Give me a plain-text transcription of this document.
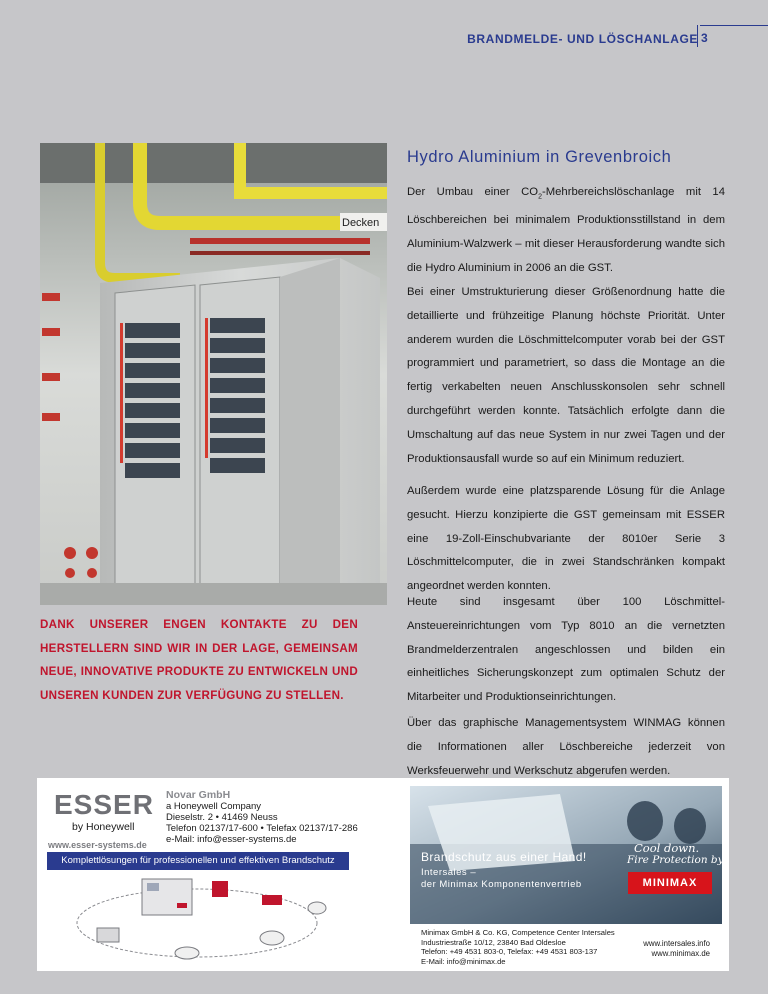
BRANDMELDE- UND LÖSCHANLAGE 3
Decken
Hydro Aluminium in Grevenbroich
Der Umbau einer $CO_2$-Mehrbereichslöschanlage mit 14 Löschbereichen bei minimalem Produktionsstillstand in dem Aluminium-Walzwerk – mit dieser Herausforderung wandte sich die Hydro Aluminium in 2006 an die GST.
Bei einer Umstrukturierung dieser Größenordnung hatte die detaillierte und frühzeitige Planung höchste Priorität. Unter anderem wurden die Löschmittelcomputer vorab bei der GST programmiert und parametriert, so dass die Montage an die fertig verkabelten neuen Anschlusskonsolen sehr schnell durchgeführt werden konnte. Tatsächlich erfolgte dann die Umschaltung auf das neue System in nur zwei Tagen und der Produktionsausfall wurde so auf ein Minimum reduziert.
Außerdem wurde eine platzsparende Lösung für die Anlage gesucht. Hierzu konzipierte die GST gemeinsam mit ESSER eine 19-Zoll-Einschubvariante der 8010er Serie 3 Löschmittelcomputer, die in zwei Standschränken kompakt angeordnet werden konnten.
Heute sind insgesamt über 100 Löschmittel-Ansteuereinrichtungen vom Typ 8010 an die vernetzten Brandmelderzentralen angeschlossen und bilden ein einheitliches Sicherungskonzept zum optimalen Schutz der Mitarbeiter und Produktionseinrichtungen.
Über das graphische Managementsystem WINMAG können die Informationen aller Löschbereiche jederzeit von Werksfeuerwehr und Werkschutz abgerufen werden.
DANK UNSERER ENGEN KONTAKTE ZU DEN HERSTELLERN SIND WIR IN DER LAGE, GEMEINSAM NEUE, INNOVATIVE PRODUKTE ZU ENTWICKELN UND UNSEREN KUNDEN ZUR VERFÜGUNG ZU STELLEN.
ESSER
by Honeywell
www.esser-systems.de
Novar GmbH
a Honeywell Company
Dieselstr. 2 • 41469 Neuss
Telefon 02137/17-600 • Telefax 02137/17-286
e-Mail: info@esser-systems.de
Komplettlösungen für professionellen und effektiven Brandschutz	Brandschutz aus einer Hand!
Intersales –
der Minimax Komponentenvertrieb
Cool down.
Fire Protection by
MINIMAX
Minimax GmbH & Co. KG, Competence Center Intersales
Industriestraße 10/12, 23840 Bad Oldesloe
Telefon: +49 4531 803-0, Telefax: +49 4531 803-137
E-Mail: info@minimax.de
www.intersales.info
www.minimax.de
